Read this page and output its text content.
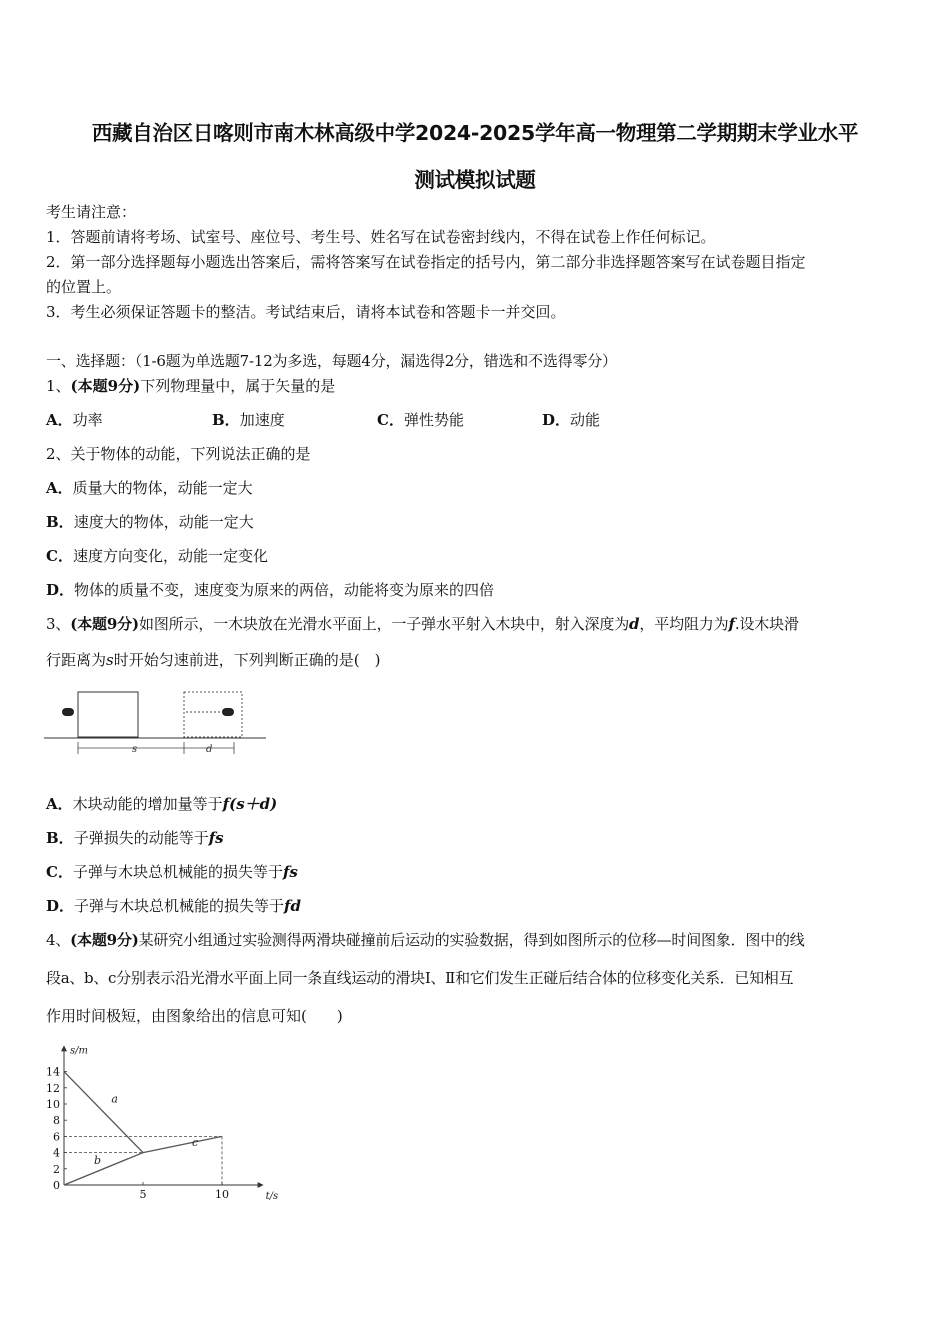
西藏自治区日喀则市南木林高级中学2024-2025学年高一物理第二学期期末学业水平
测试模拟试题
考生请注意：
1．答题前请将考场、试室号、座位号、考生号、姓名写在试卷密封线内，不得在试卷上作任何标记。
2．第一部分选择题每小题选出答案后，需将答案写在试卷指定的括号内，第二部分非选择题答案写在试卷题目指定
的位置上。
3．考生必须保证答题卡的整洁。考试结束后，请将本试卷和答题卡一并交回。
一、选择题：（1-6题为单选题7-12为多选，每题4分，漏选得2分，错选和不选得零分）
1、(本题9分)下列物理量中，属于矢量的是
A．功率	B．加速度	C．弹性势能	D．动能
2、关于物体的动能，下列说法正确的是
A．质量大的物体，动能一定大
B．速度大的物体，动能一定大
C．速度方向变化，动能一定变化
D．物体的质量不变，速度变为原来的两倍，动能将变为原来的四倍
3、(本题9分)如图所示，一木块放在光滑水平面上，一子弹水平射入木块中，射入深度为d，平均阻力为f.设木块滑
行距离为s时开始匀速前进，下列判断正确的是(　)
s	d
A．木块动能的增加量等于f(s＋d)
B．子弹损失的动能等于fs
C．子弹与木块总机械能的损失等于fs
D．子弹与木块总机械能的损失等于fd
4、(本题9分)某研究小组通过实验测得两滑块碰撞前后运动的实验数据，得到如图所示的位移—时间图象．图中的线
段a、b、c分别表示沿光滑水平面上同一条直线运动的滑块Ⅰ、Ⅱ和它们发生正碰后结合体的位移变化关系．已知相互
作用时间极短，由图象给出的信息可知(　　)
s/m
t/s
a
b
c
0
2
4
6
8
10
12
14
5	10
